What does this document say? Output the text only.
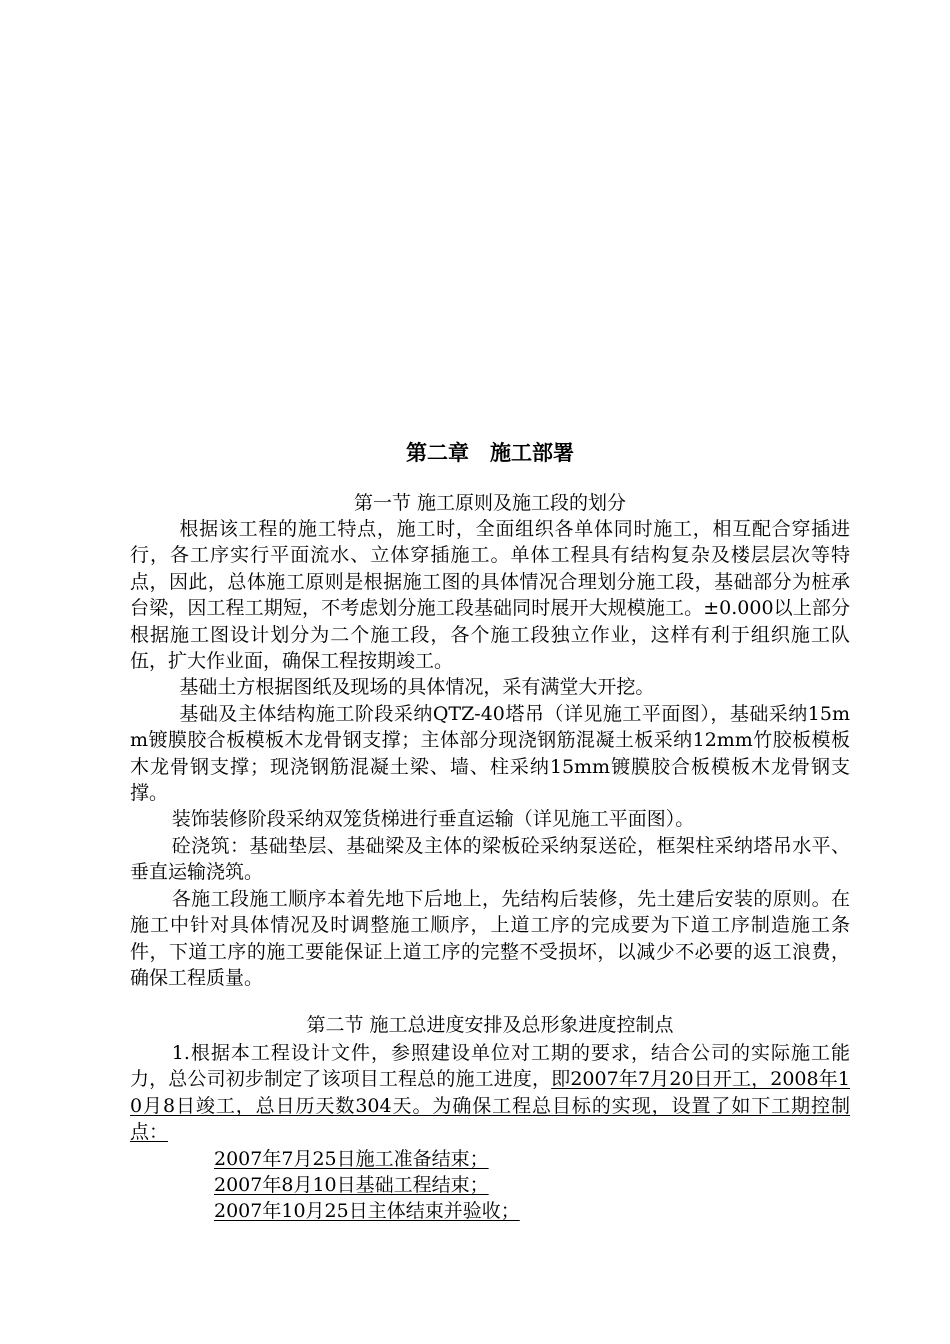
第二章　施工部署
第一节 施工原则及施工段的划分

根据该工程的施工特点，施工时，全面组织各单体同时施工，相互配合穿插进行，各工序实行平面流水、立体穿插施工。单体工程具有结构复杂及楼层层次等特点，因此，总体施工原则是根据施工图的具体情况合理划分施工段，基础部分为桩承台梁，因工程工期短，不考虑划分施工段基础同时展开大规模施工。±0.000以上部分根据施工图设计划分为二个施工段，各个施工段独立作业，这样有利于组织施工队伍，扩大作业面，确保工程按期竣工。

基础土方根据图纸及现场的具体情况，采有满堂大开挖。

基础及主体结构施工阶段采纳QTZ-40塔吊（详见施工平面图），基础采纳15mm镀膜胶合板模板木龙骨钢支撑；主体部分现浇钢筋混凝土板采纳12mm竹胶板模板木龙骨钢支撑；现浇钢筋混凝土梁、墙、柱采纳15mm镀膜胶合板模板木龙骨钢支撑。

装饰装修阶段采纳双笼货梯进行垂直运输（详见施工平面图）。

砼浇筑：基础垫层、基础梁及主体的梁板砼采纳泵送砼，框架柱采纳塔吊水平、垂直运输浇筑。

各施工段施工顺序本着先地下后地上，先结构后装修，先土建后安装的原则。在施工中针对具体情况及时调整施工顺序，上道工序的完成要为下道工序制造施工条件，下道工序的施工要能保证上道工序的完整不受损坏，以减少不必要的返工浪费，确保工程质量。

第二节 施工总进度安排及总形象进度控制点

1.根据本工程设计文件，参照建设单位对工期的要求，结合公司的实际施工能力，总公司初步制定了该项目工程总的施工进度，即2007年7月20日开工，2008年10月8日竣工，总日历天数304天。为确保工程总目标的实现，设置了如下工期控制点：

2007年7月25日施工准备结束；

2007年8月10日基础工程结束；

2007年10月25日主体结束并验收；
